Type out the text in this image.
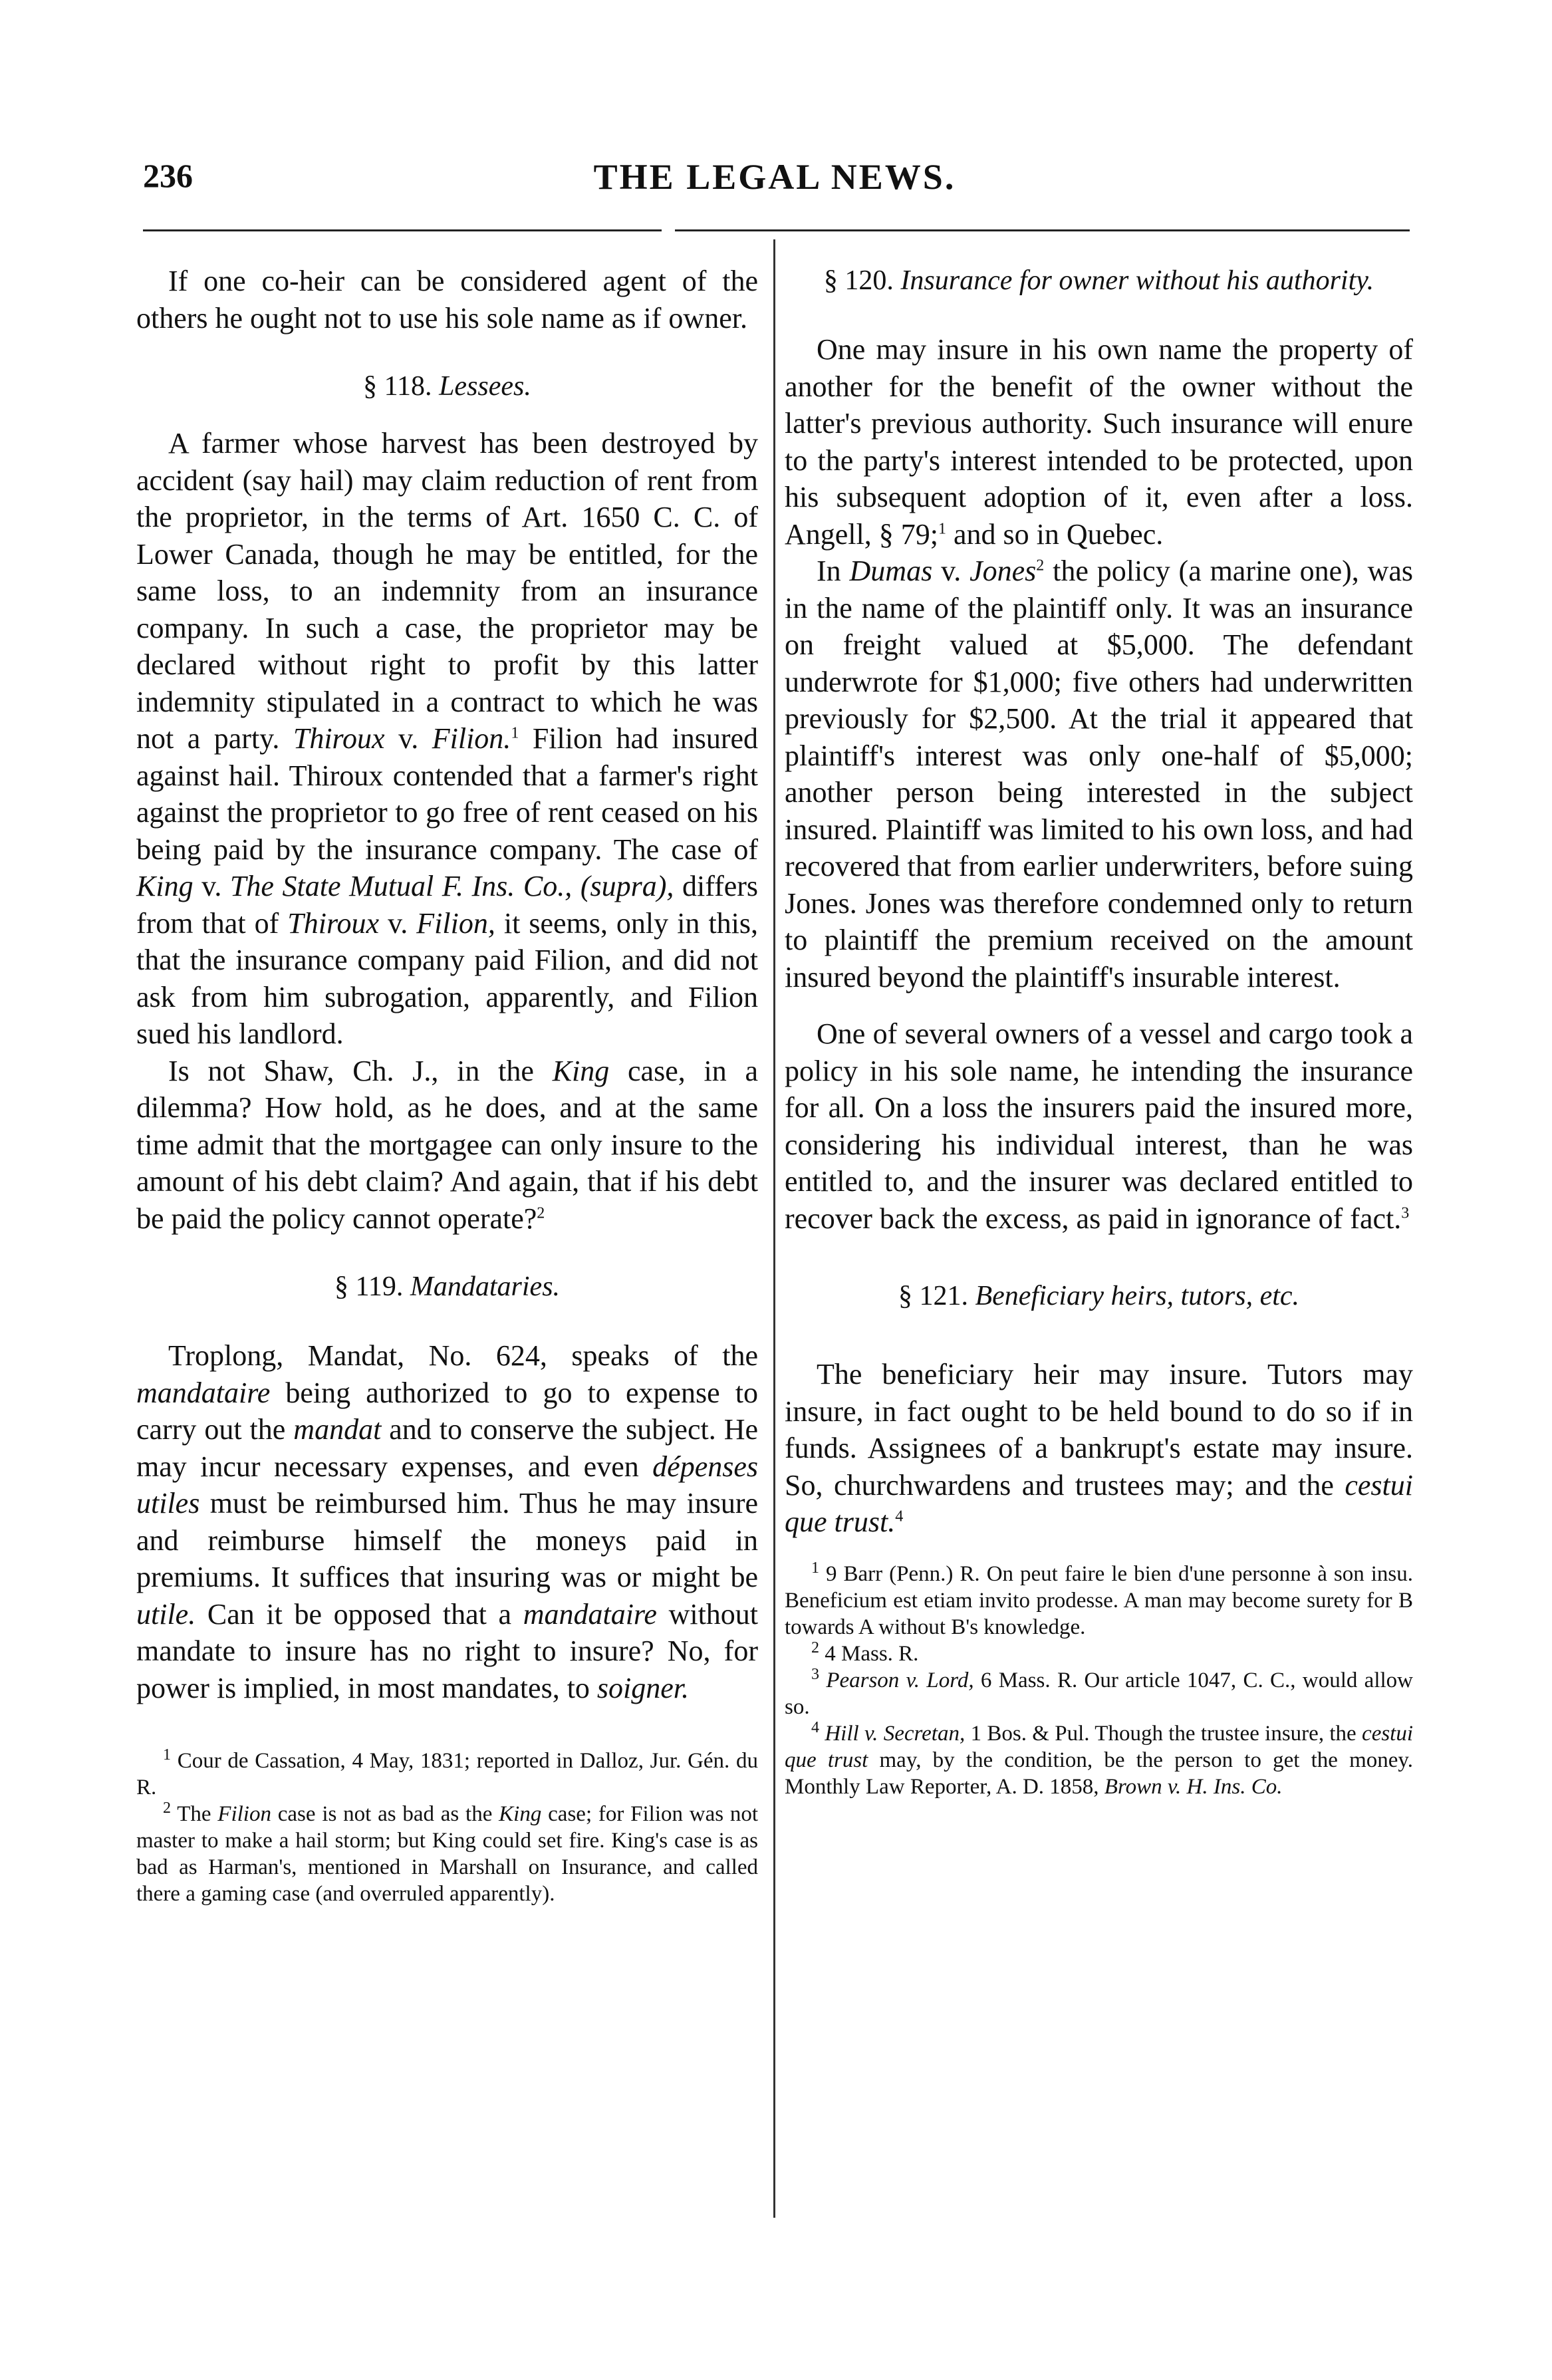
236	THE LEGAL NEWS.

If one co-heir can be considered agent of the others he ought not to use his sole name as if owner.

§ 118. Lessees.

A farmer whose harvest has been destroyed by accident (say hail) may claim reduction of rent from the proprietor, in the terms of Art. 1650 C. C. of Lower Canada, though he may be entitled, for the same loss, to an indemnity from an insurance company. In such a case, the proprietor may be declared without right to profit by this latter indemnity stipulated in a contract to which he was not a party. Thiroux v. Filion.$^1$ Filion had insured against hail. Thiroux contended that a farmer's right against the proprietor to go free of rent ceased on his being paid by the insurance company. The case of King v. The State Mutual F. Ins. Co., (supra), differs from that of Thiroux v. Filion, it seems, only in this, that the insurance company paid Filion, and did not ask from him subrogation, apparently, and Filion sued his landlord.

Is not Shaw, Ch. J., in the King case, in a dilemma? How hold, as he does, and at the same time admit that the mortgagee can only insure to the amount of his debt claim? And again, that if his debt be paid the policy cannot operate?$^2$

§ 119. Mandataries.

Troplong, Mandat, No. 624, speaks of the mandataire being authorized to go to expense to carry out the mandat and to conserve the subject. He may incur necessary expenses, and even dépenses utiles must be reimbursed him. Thus he may insure and reimburse himself the moneys paid in premiums. It suffices that insuring was or might be utile. Can it be opposed that a mandataire without mandate to insure has no right to insure? No, for power is implied, in most mandates, to soigner.

$^1$ Cour de Cassation, 4 May, 1831; reported in Dalloz, Jur. Gén. du R.

$^2$ The Filion case is not as bad as the King case; for Filion was not master to make a hail storm; but King could set fire. King's case is as bad as Harman's, mentioned in Marshall on Insurance, and called there a gaming case (and overruled apparently).

§ 120. Insurance for owner without his authority.

One may insure in his own name the property of another for the benefit of the owner without the latter's previous authority. Such insurance will enure to the party's interest intended to be protected, upon his subsequent adoption of it, even after a loss. Angell, § 79;$^1$ and so in Quebec.

In Dumas v. Jones$^2$ the policy (a marine one), was in the name of the plaintiff only. It was an insurance on freight valued at $5,000. The defendant underwrote for $1,000; five others had underwritten previously for $2,500. At the trial it appeared that plaintiff's interest was only one-half of $5,000; another person being interested in the subject insured. Plaintiff was limited to his own loss, and had recovered that from earlier underwriters, before suing Jones. Jones was therefore condemned only to return to plaintiff the premium received on the amount insured beyond the plaintiff's insurable interest.

One of several owners of a vessel and cargo took a policy in his sole name, he intending the insurance for all. On a loss the insurers paid the insured more, considering his individual interest, than he was entitled to, and the insurer was declared entitled to recover back the excess, as paid in ignorance of fact.$^3$

§ 121. Beneficiary heirs, tutors, etc.

The beneficiary heir may insure. Tutors may insure, in fact ought to be held bound to do so if in funds. Assignees of a bankrupt's estate may insure. So, churchwardens and trustees may; and the cestui que trust.$^4$

$^1$ 9 Barr (Penn.) R. On peut faire le bien d'une personne à son insu. Beneficium est etiam invito prodesse. A man may become surety for B towards A without B's knowledge.

$^2$ 4 Mass. R.

$^3$ Pearson v. Lord, 6 Mass. R. Our article 1047, C. C., would allow so.

$^4$ Hill v. Secretan, 1 Bos. & Pul. Though the trustee insure, the cestui que trust may, by the condition, be the person to get the money. Monthly Law Reporter, A. D. 1858, Brown v. H. Ins. Co.
